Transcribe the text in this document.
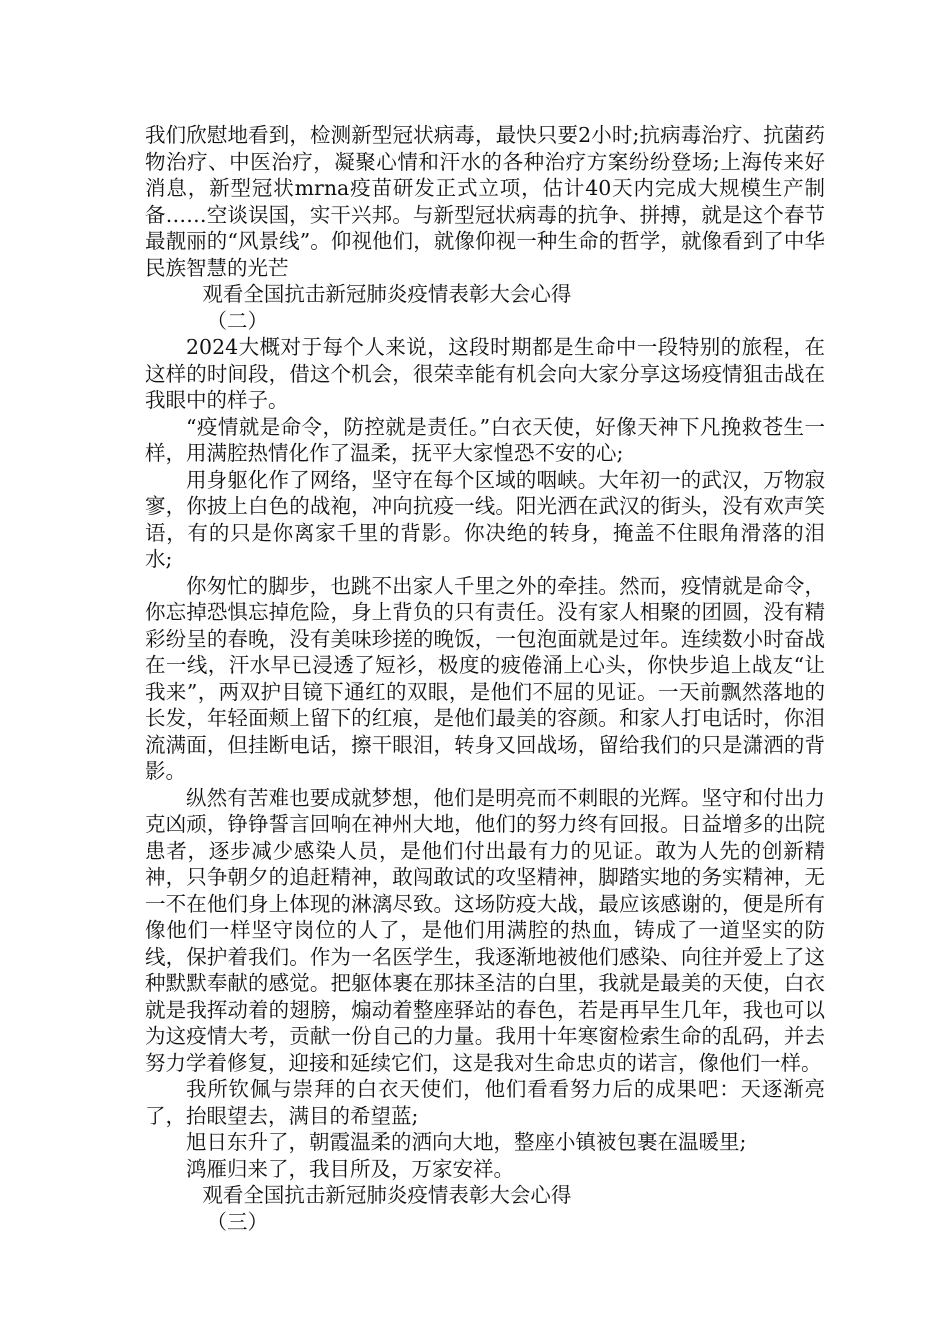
我们欣慰地看到，检测新型冠状病毒，最快只要2小时;抗病毒治疗、抗菌药物治疗、中医治疗，凝聚心情和汗水的各种治疗方案纷纷登场;上海传来好消息，新型冠状mrna疫苗研发正式立项，估计40天内完成大规模生产制备……空谈误国，实干兴邦。与新型冠状病毒的抗争、拼搏，就是这个春节最靓丽的“风景线”。仰视他们，就像仰视一种生命的哲学，就像看到了中华民族智慧的光芒

观看全国抗击新冠肺炎疫情表彰大会心得

（二）

2024大概对于每个人来说，这段时期都是生命中一段特别的旅程，在这样的时间段，借这个机会，很荣幸能有机会向大家分享这场疫情狙击战在我眼中的样子。

“疫情就是命令，防控就是责任。”白衣天使，好像天神下凡挽救苍生一样，用满腔热情化作了温柔，抚平大家惶恐不安的心;

用身躯化作了网络，坚守在每个区域的咽峡。大年初一的武汉，万物寂寥，你披上白色的战袍，冲向抗疫一线。阳光洒在武汉的街头，没有欢声笑语，有的只是你离家千里的背影。你决绝的转身，掩盖不住眼角滑落的泪水;

你匆忙的脚步，也跳不出家人千里之外的牵挂。然而，疫情就是命令，你忘掉恐惧忘掉危险，身上背负的只有责任。没有家人相聚的团圆，没有精彩纷呈的春晚，没有美味珍搓的晚饭，一包泡面就是过年。连续数小时奋战在一线，汗水早已浸透了短衫，极度的疲倦涌上心头，你快步追上战友“让我来”，两双护目镜下通红的双眼，是他们不屈的见证。一天前飘然落地的长发，年轻面颊上留下的红痕，是他们最美的容颜。和家人打电话时，你泪流满面，但挂断电话，擦干眼泪，转身又回战场，留给我们的只是潇洒的背影。

纵然有苦难也要成就梦想，他们是明亮而不刺眼的光辉。坚守和付出力克凶顽，铮铮誓言回响在神州大地，他们的努力终有回报。日益增多的出院患者，逐步减少感染人员，是他们付出最有力的见证。敢为人先的创新精神，只争朝夕的追赶精神，敢闯敢试的攻坚精神，脚踏实地的务实精神，无一不在他们身上体现的淋漓尽致。这场防疫大战，最应该感谢的，便是所有像他们一样坚守岗位的人了，是他们用满腔的热血，铸成了一道坚实的防线，保护着我们。作为一名医学生，我逐渐地被他们感染、向往并爱上了这种默默奉献的感觉。把躯体裹在那抹圣洁的白里，我就是最美的天使，白衣就是我挥动着的翅膀，煽动着整座驿站的春色，若是再早生几年，我也可以为这疫情大考，贡献一份自己的力量。我用十年寒窗检索生命的乱码，并去努力学着修复，迎接和延续它们，这是我对生命忠贞的诺言，像他们一样。

我所钦佩与崇拜的白衣天使们，他们看看努力后的成果吧：天逐渐亮了，抬眼望去，满目的希望蓝;

旭日东升了，朝霞温柔的洒向大地，整座小镇被包裹在温暖里;

鸿雁归来了，我目所及，万家安祥。

观看全国抗击新冠肺炎疫情表彰大会心得

（三）
